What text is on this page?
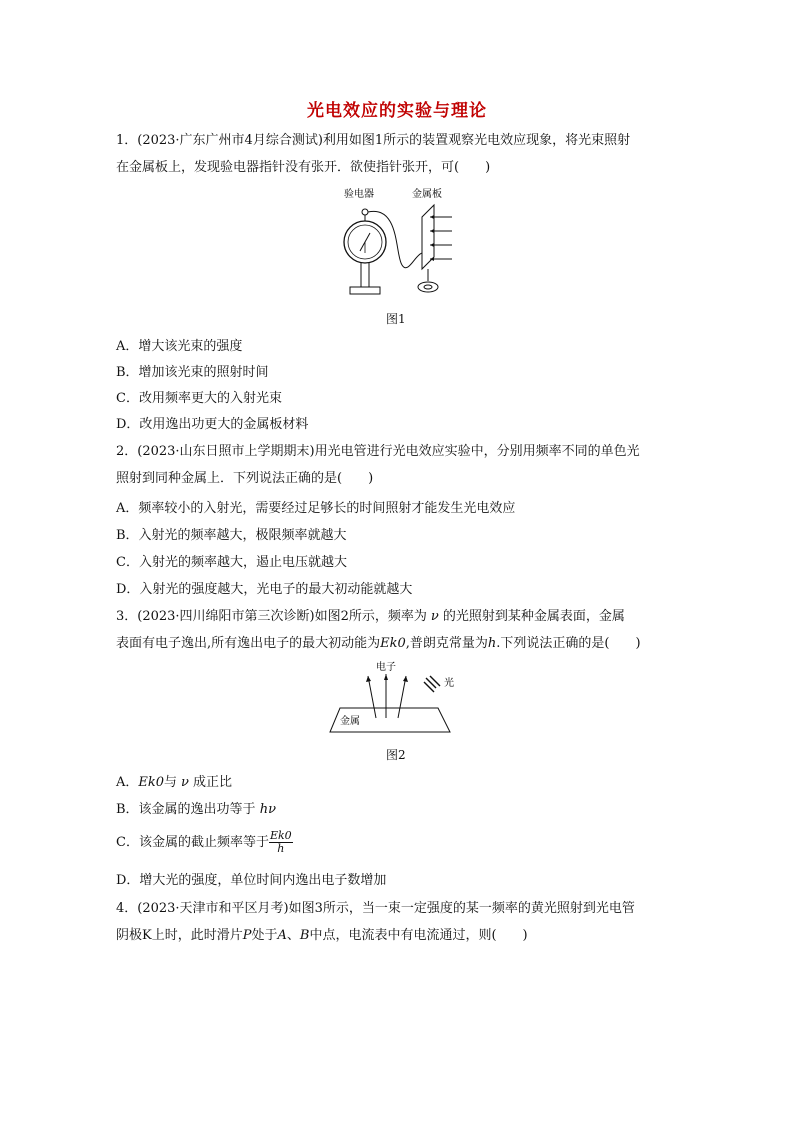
光电效应的实验与理论
1．(2023·广东广州市4月综合测试)利用如图1所示的装置观察光电效应现象，将光束照射
在金属板上，发现验电器指针没有张开．欲使指针张开，可(　　)
验电器	金属板
图1
A．增大该光束的强度
B．增加该光束的照射时间
C．改用频率更大的入射光束
D．改用逸出功更大的金属板材料
2．(2023·山东日照市上学期期末)用光电管进行光电效应实验中，分别用频率不同的单色光
照射到同种金属上．下列说法正确的是(　　)
A．频率较小的入射光，需要经过足够长的时间照射才能发生光电效应
B．入射光的频率越大，极限频率就越大
C．入射光的频率越大，遏止电压就越大
D．入射光的强度越大，光电子的最大初动能就越大
3．(2023·四川绵阳市第三次诊断)如图2所示，频率为 ν 的光照射到某种金属表面，金属
表面有电子逸出,所有逸出电子的最大初动能为Ek0,普朗克常量为h.下列说法正确的是(　　)
电子
光
金属
图2
A．Ek0与 ν 成正比
B．该金属的逸出功等于 hν
C．该金属的截止频率等于 $\frac{Ek0}{h}$
D．增大光的强度，单位时间内逸出电子数增加
4．(2023·天津市和平区月考)如图3所示，当一束一定强度的某一频率的黄光照射到光电管
阴极K上时，此时滑片P处于A、B中点，电流表中有电流通过，则(　　)
